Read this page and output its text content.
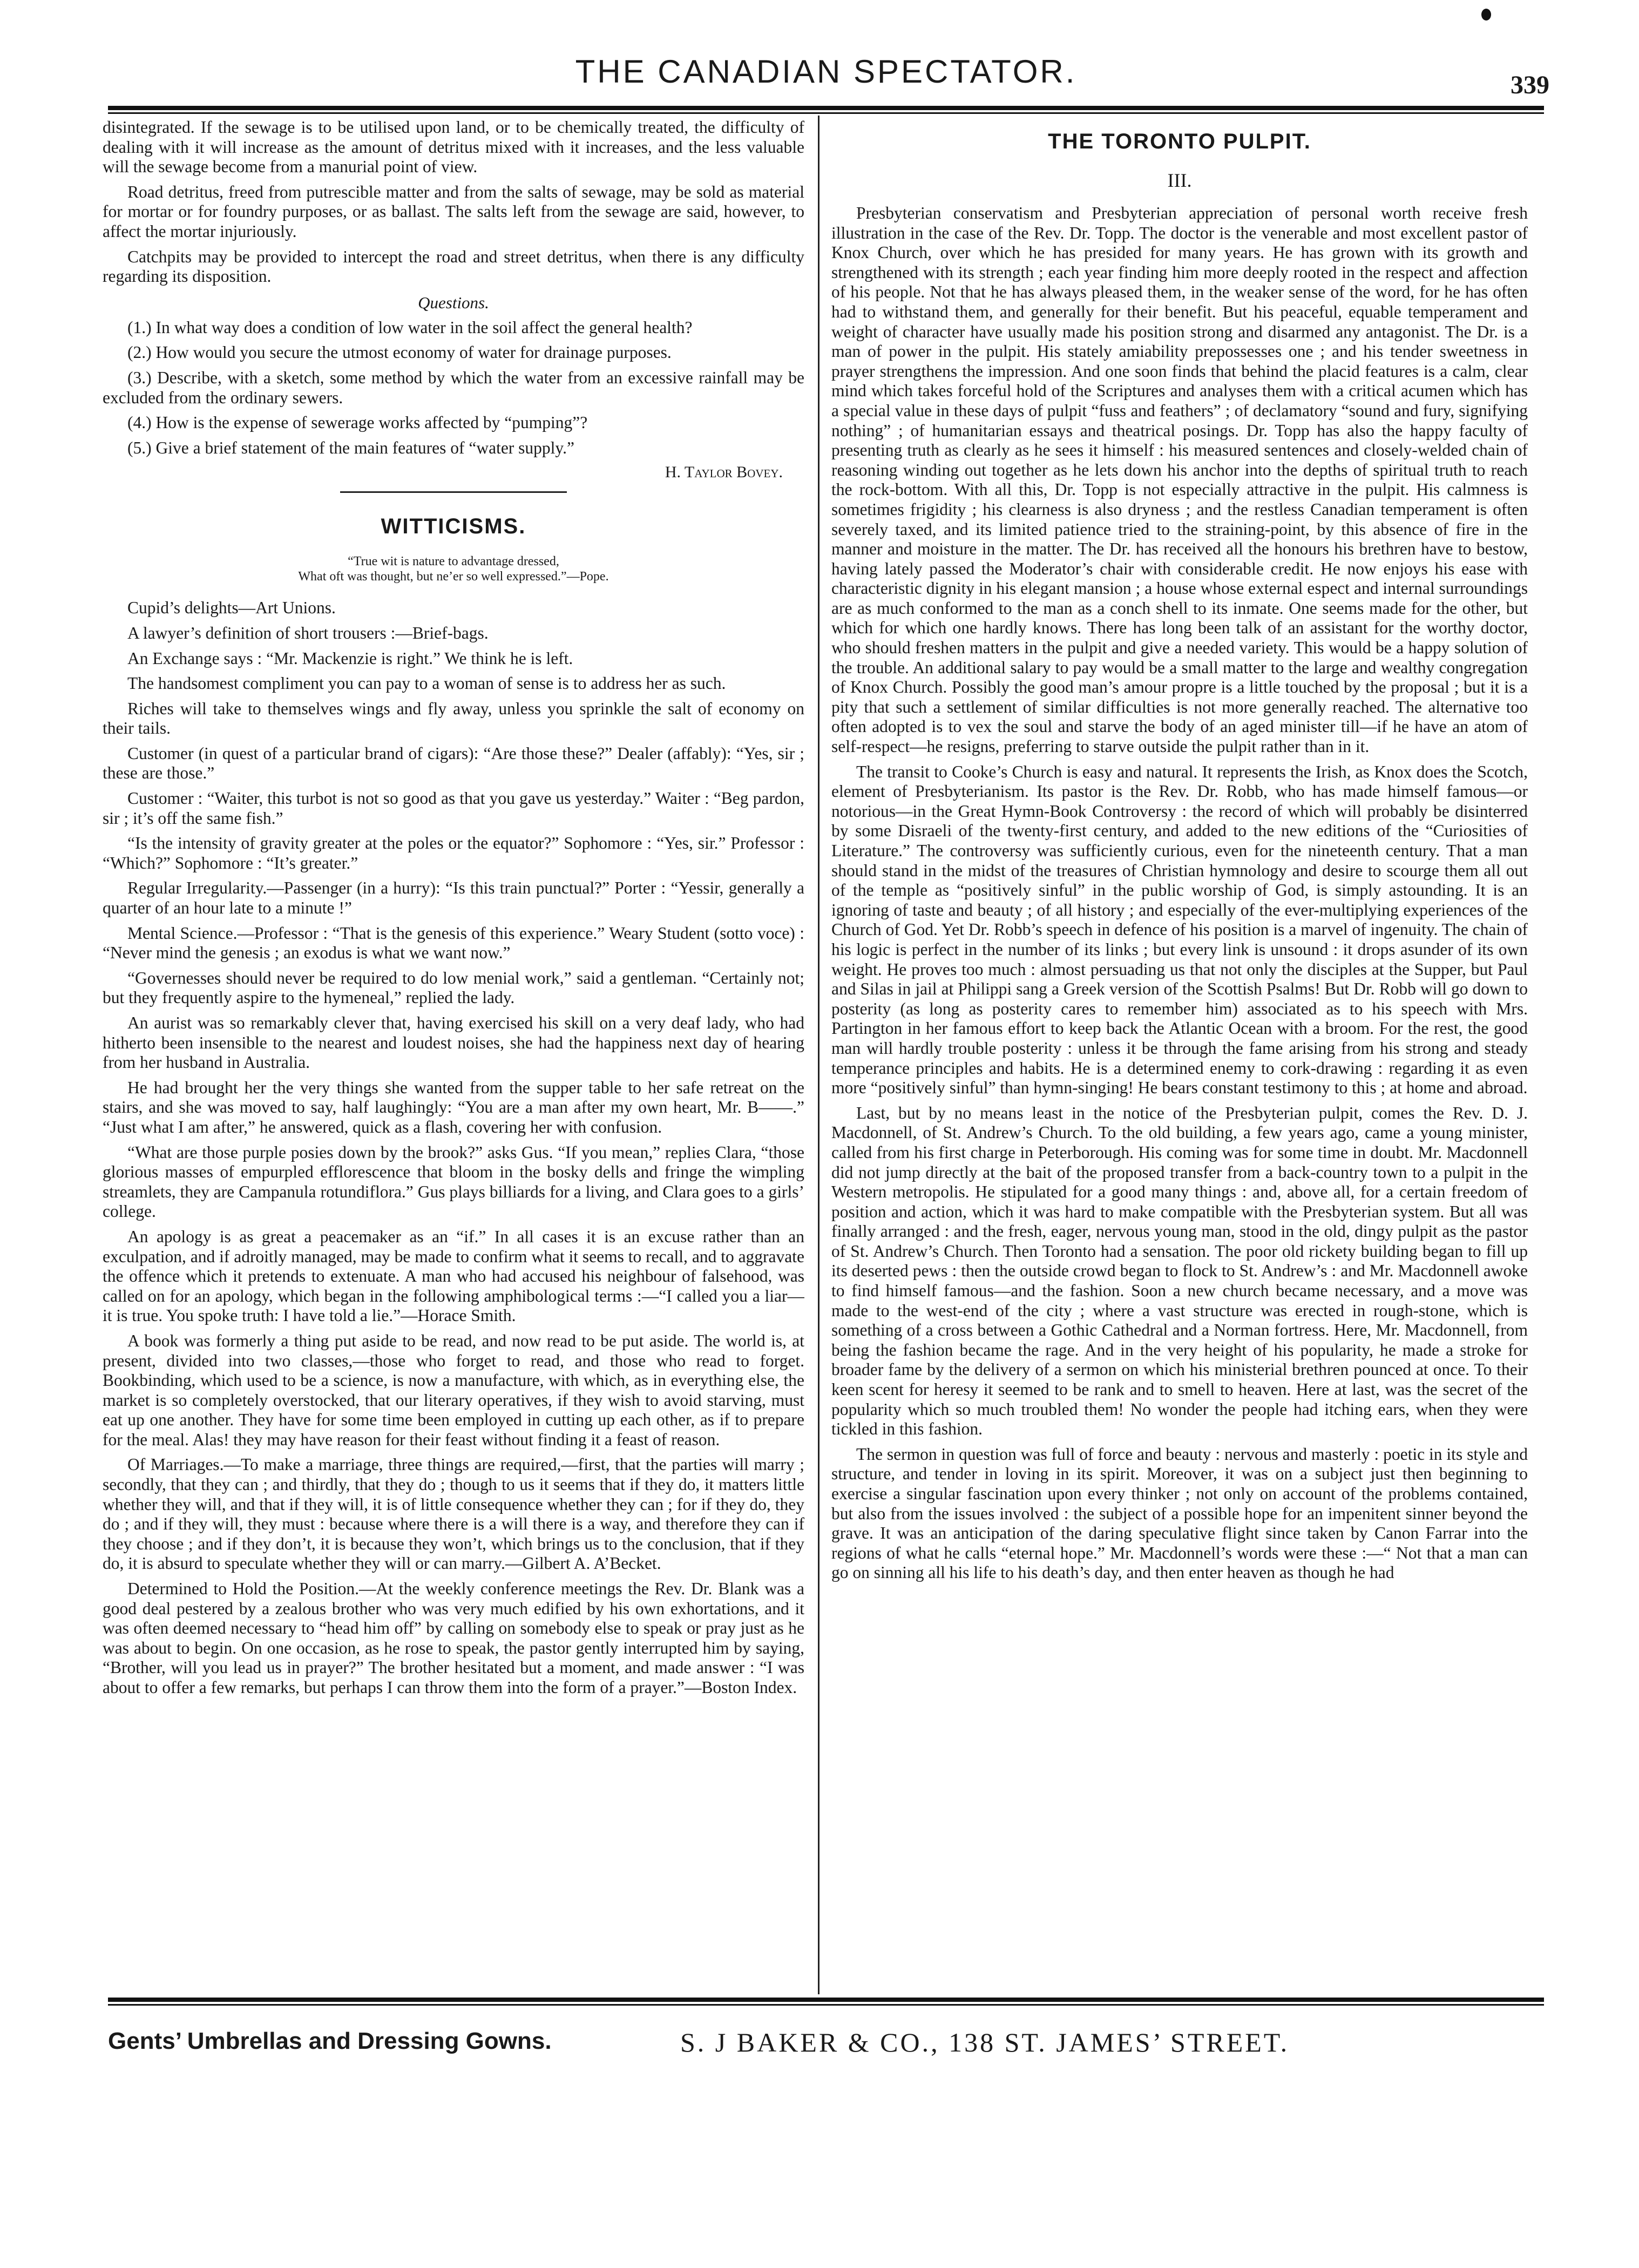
THE CANADIAN SPECTATOR.	339

disintegrated. If the sewage is to be utilised upon land, or to be chemically treated, the difficulty of dealing with it will increase as the amount of detritus mixed with it increases, and the less valuable will the sewage become from a manurial point of view.

Road detritus, freed from putrescible matter and from the salts of sewage, may be sold as material for mortar or for foundry purposes, or as ballast. The salts left from the sewage are said, however, to affect the mortar injuriously.

Catchpits may be provided to intercept the road and street detritus, when there is any difficulty regarding its disposition.

Questions.

(1.) In what way does a condition of low water in the soil affect the general health?

(2.) How would you secure the utmost economy of water for drainage purposes.

(3.) Describe, with a sketch, some method by which the water from an excessive rainfall may be excluded from the ordinary sewers.

(4.) How is the expense of sewerage works affected by “pumping”?

(5.) Give a brief statement of the main features of “water supply.”

H. Taylor Bovey.
WITTICISMS.
“True wit is nature to advantage dressed,
What oft was thought, but ne’er so well expressed.”—Pope.

Cupid’s delights—Art Unions.

A lawyer’s definition of short trousers :—Brief-bags.

An Exchange says : “Mr. Mackenzie is right.” We think he is left.

The handsomest compliment you can pay to a woman of sense is to address her as such.

Riches will take to themselves wings and fly away, unless you sprinkle the salt of economy on their tails.

Customer (in quest of a particular brand of cigars): “Are those these?” Dealer (affably): “Yes, sir ; these are those.”

Customer : “Waiter, this turbot is not so good as that you gave us yesterday.” Waiter : “Beg pardon, sir ; it’s off the same fish.”

“Is the intensity of gravity greater at the poles or the equator?” Sophomore : “Yes, sir.” Professor : “Which?” Sophomore : “It’s greater.”

Regular Irregularity.—Passenger (in a hurry): “Is this train punctual?” Porter : “Yessir, generally a quarter of an hour late to a minute !”

Mental Science.—Professor : “That is the genesis of this experience.” Weary Student (sotto voce) : “Never mind the genesis ; an exodus is what we want now.”

“Governesses should never be required to do low menial work,” said a gentleman. “Certainly not; but they frequently aspire to the hymeneal,” replied the lady.

An aurist was so remarkably clever that, having exercised his skill on a very deaf lady, who had hitherto been insensible to the nearest and loudest noises, she had the happiness next day of hearing from her husband in Australia.

He had brought her the very things she wanted from the supper table to her safe retreat on the stairs, and she was moved to say, half laughingly: “You are a man after my own heart, Mr. B——.” “Just what I am after,” he answered, quick as a flash, covering her with confusion.

“What are those purple posies down by the brook?” asks Gus. “If you mean,” replies Clara, “those glorious masses of empurpled efflorescence that bloom in the bosky dells and fringe the wimpling streamlets, they are Campanula rotundiflora.” Gus plays billiards for a living, and Clara goes to a girls’ college.

An apology is as great a peacemaker as an “if.” In all cases it is an excuse rather than an exculpation, and if adroitly managed, may be made to confirm what it seems to recall, and to aggravate the offence which it pretends to extenuate. A man who had accused his neighbour of falsehood, was called on for an apology, which began in the following amphibological terms :—“I called you a liar—it is true. You spoke truth: I have told a lie.”—Horace Smith.

A book was formerly a thing put aside to be read, and now read to be put aside. The world is, at present, divided into two classes,—those who forget to read, and those who read to forget. Bookbinding, which used to be a science, is now a manufacture, with which, as in everything else, the market is so completely overstocked, that our literary operatives, if they wish to avoid starving, must eat up one another. They have for some time been employed in cutting up each other, as if to prepare for the meal. Alas! they may have reason for their feast without finding it a feast of reason.

Of Marriages.—To make a marriage, three things are required,—first, that the parties will marry ; secondly, that they can ; and thirdly, that they do ; though to us it seems that if they do, it matters little whether they will, and that if they will, it is of little consequence whether they can ; for if they do, they do ; and if they will, they must : because where there is a will there is a way, and therefore they can if they choose ; and if they don’t, it is because they won’t, which brings us to the conclusion, that if they do, it is absurd to speculate whether they will or can marry.—Gilbert A. A’Becket.

Determined to Hold the Position.—At the weekly conference meetings the Rev. Dr. Blank was a good deal pestered by a zealous brother who was very much edified by his own exhortations, and it was often deemed necessary to “head him off” by calling on somebody else to speak or pray just as he was about to begin. On one occasion, as he rose to speak, the pastor gently interrupted him by saying, “Brother, will you lead us in prayer?” The brother hesitated but a moment, and made answer : “I was about to offer a few remarks, but perhaps I can throw them into the form of a prayer.”—Boston Index.

THE TORONTO PULPIT.
III.

Presbyterian conservatism and Presbyterian appreciation of personal worth receive fresh illustration in the case of the Rev. Dr. Topp. The doctor is the venerable and most excellent pastor of Knox Church, over which he has presided for many years. He has grown with its growth and strengthened with its strength ; each year finding him more deeply rooted in the respect and affection of his people. Not that he has always pleased them, in the weaker sense of the word, for he has often had to withstand them, and generally for their benefit. But his peaceful, equable temperament and weight of character have usually made his position strong and disarmed any antagonist. The Dr. is a man of power in the pulpit. His stately amiability prepossesses one ; and his tender sweetness in prayer strengthens the impression. And one soon finds that behind the placid features is a calm, clear mind which takes forceful hold of the Scriptures and analyses them with a critical acumen which has a special value in these days of pulpit “fuss and feathers” ; of declamatory “sound and fury, signifying nothing” ; of humanitarian essays and theatrical posings. Dr. Topp has also the happy faculty of presenting truth as clearly as he sees it himself : his measured sentences and closely-welded chain of reasoning winding out together as he lets down his anchor into the depths of spiritual truth to reach the rock-bottom. With all this, Dr. Topp is not especially attractive in the pulpit. His calmness is sometimes frigidity ; his clearness is also dryness ; and the restless Canadian temperament is often severely taxed, and its limited patience tried to the straining-point, by this absence of fire in the manner and moisture in the matter. The Dr. has received all the honours his brethren have to bestow, having lately passed the Moderator’s chair with considerable credit. He now enjoys his ease with characteristic dignity in his elegant mansion ; a house whose external espect and internal surroundings are as much conformed to the man as a conch shell to its inmate. One seems made for the other, but which for which one hardly knows. There has long been talk of an assistant for the worthy doctor, who should freshen matters in the pulpit and give a needed variety. This would be a happy solution of the trouble. An additional salary to pay would be a small matter to the large and wealthy congregation of Knox Church. Possibly the good man’s amour propre is a little touched by the proposal ; but it is a pity that such a settlement of similar difficulties is not more generally reached. The alternative too often adopted is to vex the soul and starve the body of an aged minister till—if he have an atom of self-respect—he resigns, preferring to starve outside the pulpit rather than in it.

The transit to Cooke’s Church is easy and natural. It represents the Irish, as Knox does the Scotch, element of Presbyterianism. Its pastor is the Rev. Dr. Robb, who has made himself famous—or notorious—in the Great Hymn-Book Controversy : the record of which will probably be disinterred by some Disraeli of the twenty-first century, and added to the new editions of the “Curiosities of Literature.” The controversy was sufficiently curious, even for the nineteenth century. That a man should stand in the midst of the treasures of Christian hymnology and desire to scourge them all out of the temple as “positively sinful” in the public worship of God, is simply astounding. It is an ignoring of taste and beauty ; of all history ; and especially of the ever-multiplying experiences of the Church of God. Yet Dr. Robb’s speech in defence of his position is a marvel of ingenuity. The chain of his logic is perfect in the number of its links ; but every link is unsound : it drops asunder of its own weight. He proves too much : almost persuading us that not only the disciples at the Supper, but Paul and Silas in jail at Philippi sang a Greek version of the Scottish Psalms! But Dr. Robb will go down to posterity (as long as posterity cares to remember him) associated as to his speech with Mrs. Partington in her famous effort to keep back the Atlantic Ocean with a broom. For the rest, the good man will hardly trouble posterity : unless it be through the fame arising from his strong and steady temperance principles and habits. He is a determined enemy to cork-drawing : regarding it as even more “positively sinful” than hymn-singing! He bears constant testimony to this ; at home and abroad.

Last, but by no means least in the notice of the Presbyterian pulpit, comes the Rev. D. J. Macdonnell, of St. Andrew’s Church. To the old building, a few years ago, came a young minister, called from his first charge in Peterborough. His coming was for some time in doubt. Mr. Macdonnell did not jump directly at the bait of the proposed transfer from a back-country town to a pulpit in the Western metropolis. He stipulated for a good many things : and, above all, for a certain freedom of position and action, which it was hard to make compatible with the Presbyterian system. But all was finally arranged : and the fresh, eager, nervous young man, stood in the old, dingy pulpit as the pastor of St. Andrew’s Church. Then Toronto had a sensation. The poor old rickety building began to fill up its deserted pews : then the outside crowd began to flock to St. Andrew’s : and Mr. Macdonnell awoke to find himself famous—and the fashion. Soon a new church became necessary, and a move was made to the west-end of the city ; where a vast structure was erected in rough-stone, which is something of a cross between a Gothic Cathedral and a Norman fortress. Here, Mr. Macdonnell, from being the fashion became the rage. And in the very height of his popularity, he made a stroke for broader fame by the delivery of a sermon on which his ministerial brethren pounced at once. To their keen scent for heresy it seemed to be rank and to smell to heaven. Here at last, was the secret of the popularity which so much troubled them! No wonder the people had itching ears, when they were tickled in this fashion.

The sermon in question was full of force and beauty : nervous and masterly : poetic in its style and structure, and tender in loving in its spirit. Moreover, it was on a subject just then beginning to exercise a singular fascination upon every thinker ; not only on account of the problems contained, but also from the issues involved : the subject of a possible hope for an impenitent sinner beyond the grave. It was an anticipation of the daring speculative flight since taken by Canon Farrar into the regions of what he calls “eternal hope.” Mr. Macdonnell’s words were these :—“ Not that a man can go on sinning all his life to his death’s day, and then enter heaven as though he had

Gents’ Umbrellas and Dressing Gowns.	S. J BAKER & CO., 138 ST. JAMES’ STREET.
